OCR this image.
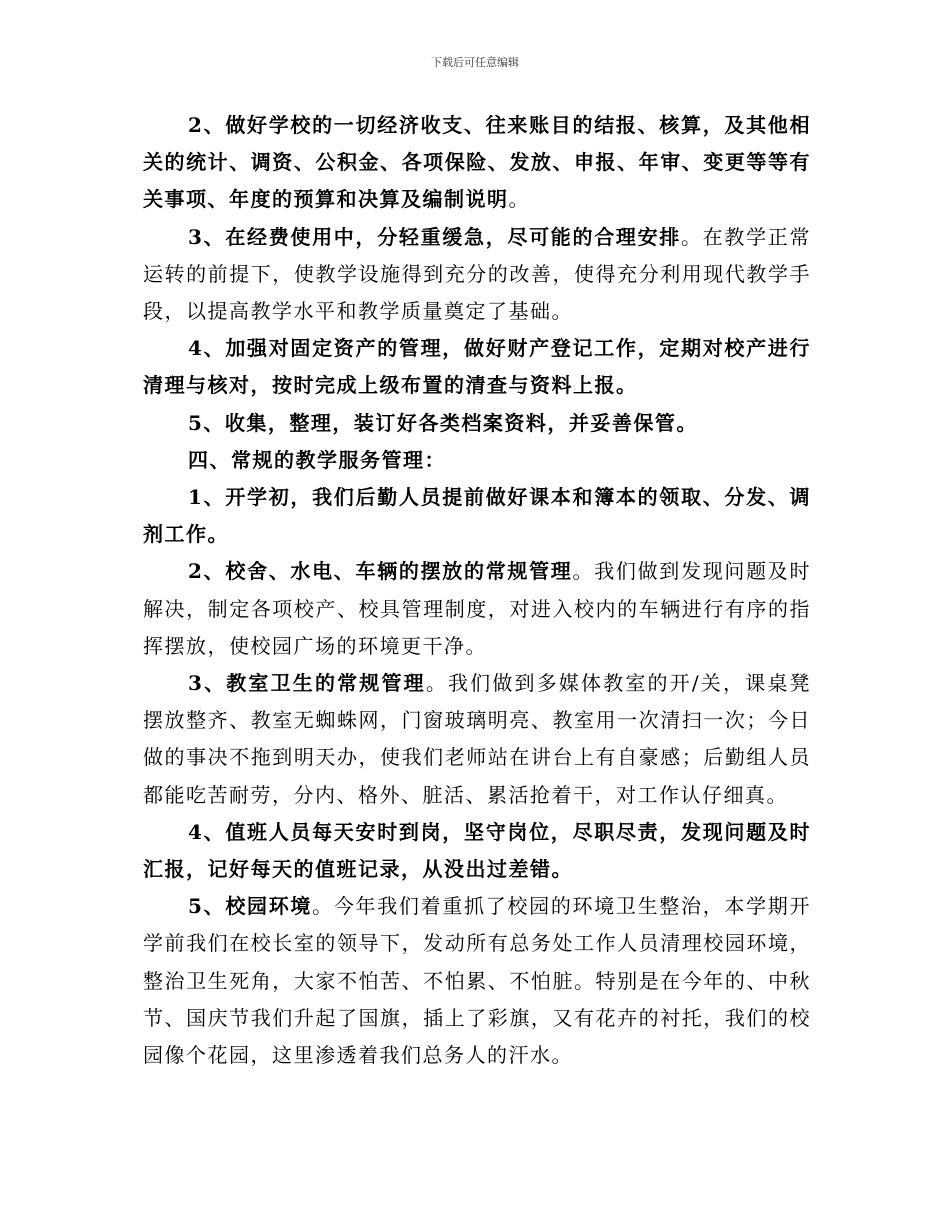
下载后可任意编辑

2、做好学校的一切经济收支、往来账目的结报、核算，及其他相关的统计、调资、公积金、各项保险、发放、申报、年审、变更等等有关事项、年度的预算和决算及编制说明。

3、在经费使用中，分轻重缓急，尽可能的合理安排。在教学正常运转的前提下，使教学设施得到充分的改善，使得充分利用现代教学手段，以提高教学水平和教学质量奠定了基础。

4、加强对固定资产的管理，做好财产登记工作，定期对校产进行清理与核对，按时完成上级布置的清查与资料上报。

5、收集，整理，装订好各类档案资料，并妥善保管。

四、常规的教学服务管理：

1、开学初，我们后勤人员提前做好课本和簿本的领取、分发、调剂工作。

2、校舍、水电、车辆的摆放的常规管理。我们做到发现问题及时解决，制定各项校产、校具管理制度，对进入校内的车辆进行有序的指挥摆放，使校园广场的环境更干净。

3、教室卫生的常规管理。我们做到多媒体教室的开/关，课桌凳摆放整齐、教室无蜘蛛网，门窗玻璃明亮、教室用一次清扫一次；今日做的事决不拖到明天办，使我们老师站在讲台上有自豪感；后勤组人员都能吃苦耐劳，分内、格外、脏活、累活抢着干，对工作认仔细真。

4、值班人员每天安时到岗，坚守岗位，尽职尽责，发现问题及时汇报，记好每天的值班记录，从没出过差错。

5、校园环境。今年我们着重抓了校园的环境卫生整治，本学期开学前我们在校长室的领导下，发动所有总务处工作人员清理校园环境，整治卫生死角，大家不怕苦、不怕累、不怕脏。特别是在今年的、中秋节、国庆节我们升起了国旗，插上了彩旗，又有花卉的衬托，我们的校园像个花园，这里渗透着我们总务人的汗水。
